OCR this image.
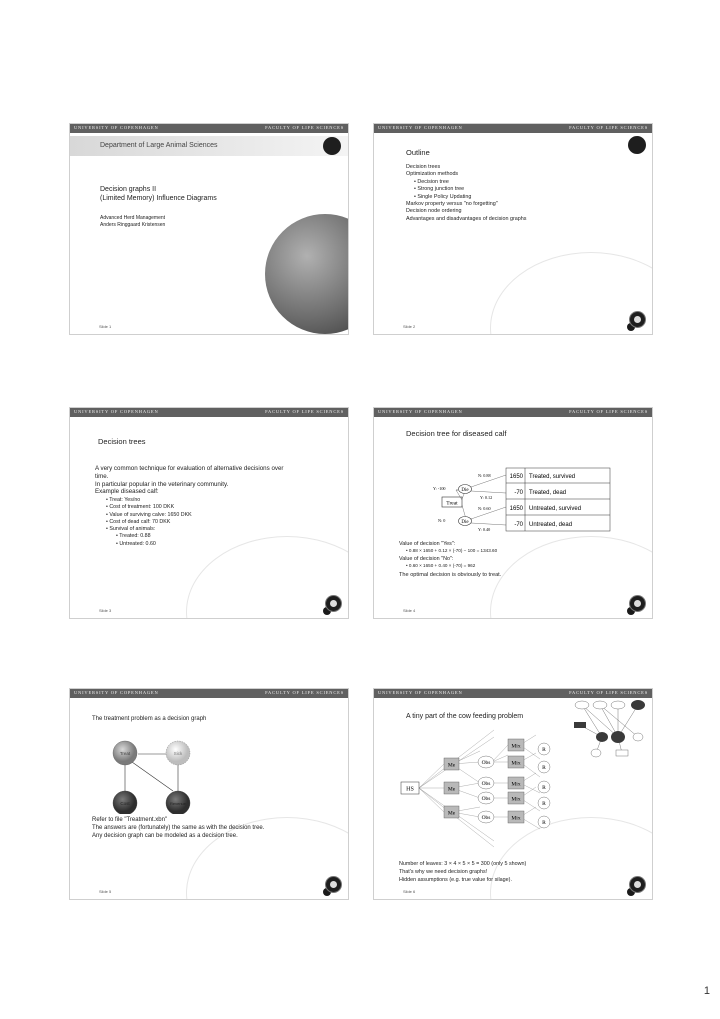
UNIVERSITY OF COPENHAGEN	FACULTY OF LIFE SCIENCES
Department of Large Animal Sciences
Decision graphs II
(Limited Memory) Influence Diagrams
Advanced Herd Management
Anders Ringgaard Kristensen
Slide 1
UNIVERSITY OF COPENHAGEN	FACULTY OF LIFE SCIENCES
Outline
Decision trees
Optimization methods
• Decision tree
• Strong junction tree
• Single Policy Updating
Markov property versus "no forgetting"
Decision node ordering
Advantages and disadvantages of decision graphs
Slide 2
UNIVERSITY OF COPENHAGEN	FACULTY OF LIFE SCIENCES
Decision trees
A very common technique for evaluation of alternative decisions over
time.
In particular popular in the veterinary community.
Example diseased calf:
• Treat: Yes/no
• Cost of treatment: 100 DKK
• Value of surviving calve: 1650 DKK
• Cost of dead calf: 70 DKK
• Survival of animals:
• Treated: 0.88
• Untreated: 0.60
Slide 3
UNIVERSITY OF COPENHAGEN	FACULTY OF LIFE SCIENCES
Decision tree for diseased calf
Treat
Y: -100
N: 0
Die
Die
N: 0.88
Y: 0.12
N: 0.60
Y: 0.40
1650 Treated, survived
-70 Treated, dead
1650 Untreated, survived
-70 Untreated, dead
Value of decision "Yes":
• 0.88 × 1650 + 0.12 × (-70) − 100 = 1343.60
Value of decision "No":
• 0.60 × 1650 + 0.40 × (-70) = 962
The optimal decision is obviously to treat.
Slide 4
UNIVERSITY OF COPENHAGEN	FACULTY OF LIFE SCIENCES
The treatment problem as a decision graph
Treat	Sick
Cost	Revenue
Refer to file "Treatment.xbn"
The answers are (fortunately) the same as with the decision tree.
Any decision graph can be modeled as a decision tree.
Slide 5
UNIVERSITY OF COPENHAGEN	FACULTY OF LIFE SCIENCES
A tiny part of the cow feeding problem
HS
Me
Me
Me
Obs
Obs
Obs
Obs
Mix
Mix
Mix
Mix
Mix
R
R
R
R
R
Number of leaves: 3 × 4 × 5 × 5 = 300 (only 5 shown)
That's why we need decision graphs!
Hidden assumptions (e.g. true value for silage).
Slide 6
1
